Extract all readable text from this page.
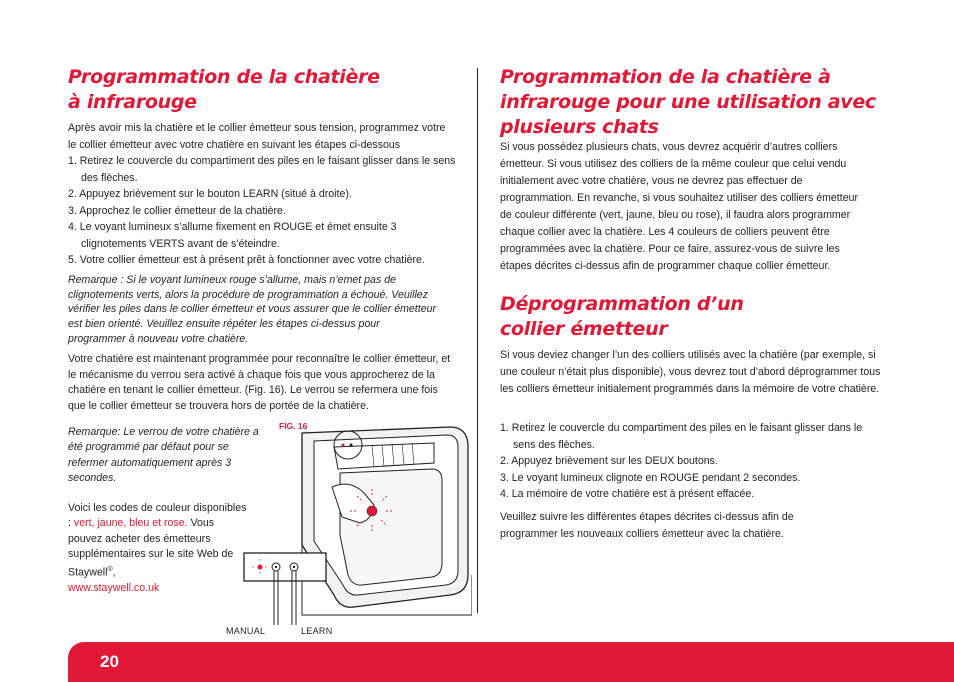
Programmation de la chatière
à infrarouge

Après avoir mis la chatière et le collier émetteur sous tension, programmez votre le collier émetteur avec votre chatière en suivant les étapes ci-dessous

1. Retirez le couvercle du compartiment des piles en le faisant glisser dans le sens des flèches.
2. Appuyez brièvement sur le bouton LEARN (situé à droite).
3. Approchez le collier émetteur de la chatière.
4. Le voyant lumineux s’allume fixement en ROUGE et émet ensuite 3 clignotements VERTS avant de s’éteindre.
5. Votre collier émetteur est à présent prêt à fonctionner avec votre chatière.

Remarque : Si le voyant lumineux rouge s’allume, mais n’emet pas de clignotements verts, alors la procédure de programmation a échoué. Veuillez vérifier les piles dans le collier émetteur et vous assurer que le collier émetteur est bien orienté. Veuillez ensuite répéter les étapes ci-dessus pour programmer à nouveau votre chatière.

Votre chatière est maintenant programmée pour reconnaître le collier émetteur, et le mécanisme du verrou sera activé à chaque fois que vous approcherez de la chatière en tenant le collier émetteur. (Fig. 16). Le verrou se refermera une fois que le collier émetteur se trouvera hors de portée de la chatière.

Remarque: Le verrou de votre chatière a été programmé par défaut pour se refermer automatiquement après 3 secondes.

Voici les codes de couleur disponibles : vert, jaune, bleu et rose. Vous pouvez acheter des émetteurs supplémentaires sur le site Web de Staywell®,
www.staywell.co.uk

FIG. 16
MANUAL	LEARN
Programmation de la chatière à
infrarouge pour une utilisation avec
plusieurs chats

Si vous possédez plusieurs chats, vous devrez acquérir d’autres colliers émetteur. Si vous utilisez des colliers de la même couleur que celui vendu initialement avec votre chatière, vous ne devrez pas effectuer de programmation. En revanche, si vous souhaitez utiliser des colliers émetteur de couleur différente (vert, jaune, bleu ou rose), il faudra alors programmer chaque collier avec la chatière. Les 4 couleurs de colliers peuvent être programmées avec la chatière. Pour ce faire, assurez-vous de suivre les étapes décrites ci-dessus afin de programmer chaque collier émetteur.

Déprogrammation d’un
collier émetteur

Si vous deviez changer l’un des colliers utilisés avec la chatière (par exemple, si une couleur n’était plus disponible), vous devrez tout d’abord déprogrammer tous les colliers émetteur initialement programmés dans la mémoire de votre chatière.

1. Retirez le couvercle du compartiment des piles en le faisant glisser dans le sens des flèches.
2. Appuyez brièvement sur les DEUX boutons.
3. Le voyant lumineux clignote en ROUGE pendant 2 secondes.
4. La mémoire de votre chatière est à présent effacée.

Veuillez suivre les différentes étapes décrites ci-dessus afin de programmer les nouveaux colliers émetteur avec la chatière.

20
